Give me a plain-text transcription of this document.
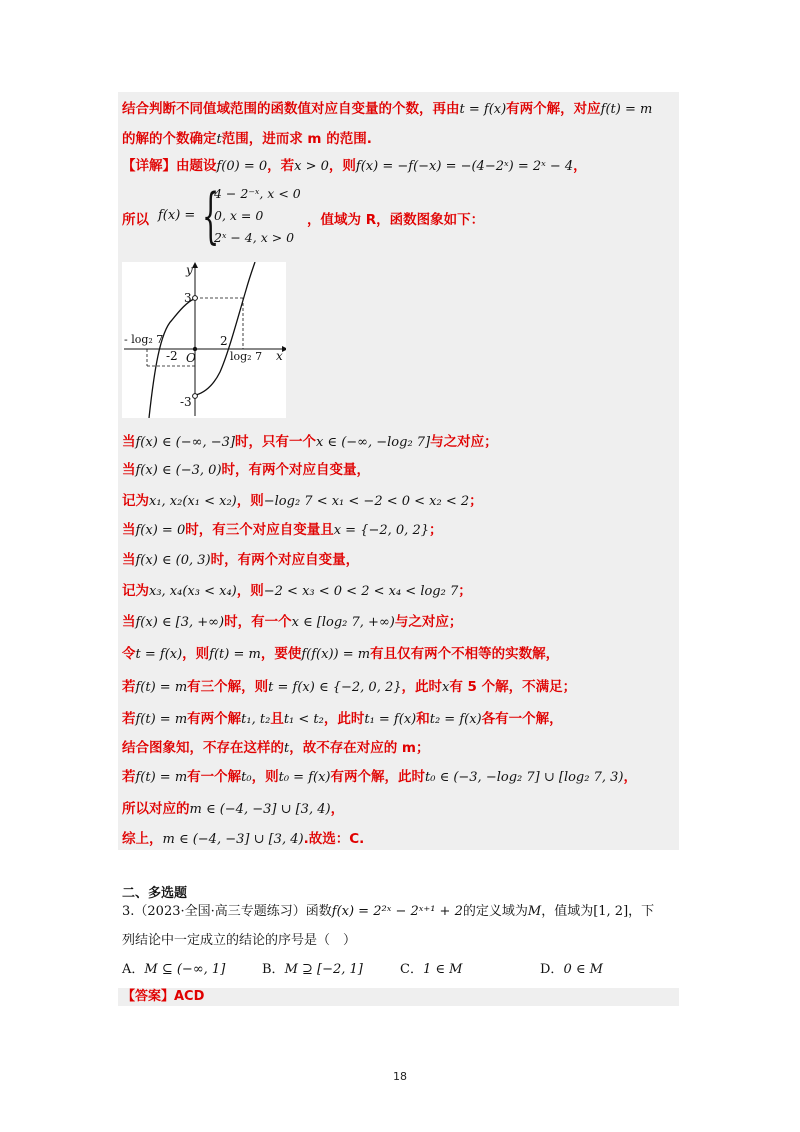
结合判断不同值域范围的函数值对应自变量的个数，再由t = f(x)有两个解，对应f(t) = m
的解的个数确定t范围，进而求 m 的范围.
【详解】由题设f(0) = 0，若x > 0，则f(x) = −f(−x) = −(4−2ˣ) = 2ˣ − 4，
所以 f(x) = {
4 − 2⁻ˣ, x < 0
0, x = 0
2ˣ − 4, x > 0
，值域为 R，函数图象如下：
y
x
O
3
-3
2
-2	log₂ 7
- log₂ 7
当f(x) ∈ (−∞, −3]时，只有一个x ∈ (−∞, −log₂ 7]与之对应；
当f(x) ∈ (−3, 0)时，有两个对应自变量，
记为x₁, x₂(x₁ < x₂)，则−log₂ 7 < x₁ < −2 < 0 < x₂ < 2；
当f(x) = 0时，有三个对应自变量且x = {−2, 0, 2}；
当f(x) ∈ (0, 3)时，有两个对应自变量，
记为x₃, x₄(x₃ < x₄)，则−2 < x₃ < 0 < 2 < x₄ < log₂ 7；
当f(x) ∈ [3, +∞)时，有一个x ∈ [log₂ 7, +∞)与之对应；
令t = f(x)，则f(t) = m，要使f(f(x)) = m有且仅有两个不相等的实数解，
若f(t) = m有三个解，则t = f(x) ∈ {−2, 0, 2}，此时x有 5 个解，不满足；
若f(t) = m有两个解t₁, t₂且t₁ < t₂，此时t₁ = f(x)和t₂ = f(x)各有一个解，
结合图象知，不存在这样的t，故不存在对应的 m；
若f(t) = m有一个解t₀，则t₀ = f(x)有两个解，此时t₀ ∈ (−3, −log₂ 7] ∪ [log₂ 7, 3)，
所以对应的m ∈ (−4, −3] ∪ [3, 4)，
综上，m ∈ (−4, −3] ∪ [3, 4).故选：C.
二、多选题
3.（2023·全国·高三专题练习）函数f(x) = 2²ˣ − 2ˣ⁺¹ + 2的定义域为M，值域为[1, 2]，下
列结论中一定成立的结论的序号是（　）
A．M ⊆ (−∞, 1]	B．M ⊇ [−2, 1]	C．1 ∈ M	D．0 ∈ M
【答案】ACD
18
